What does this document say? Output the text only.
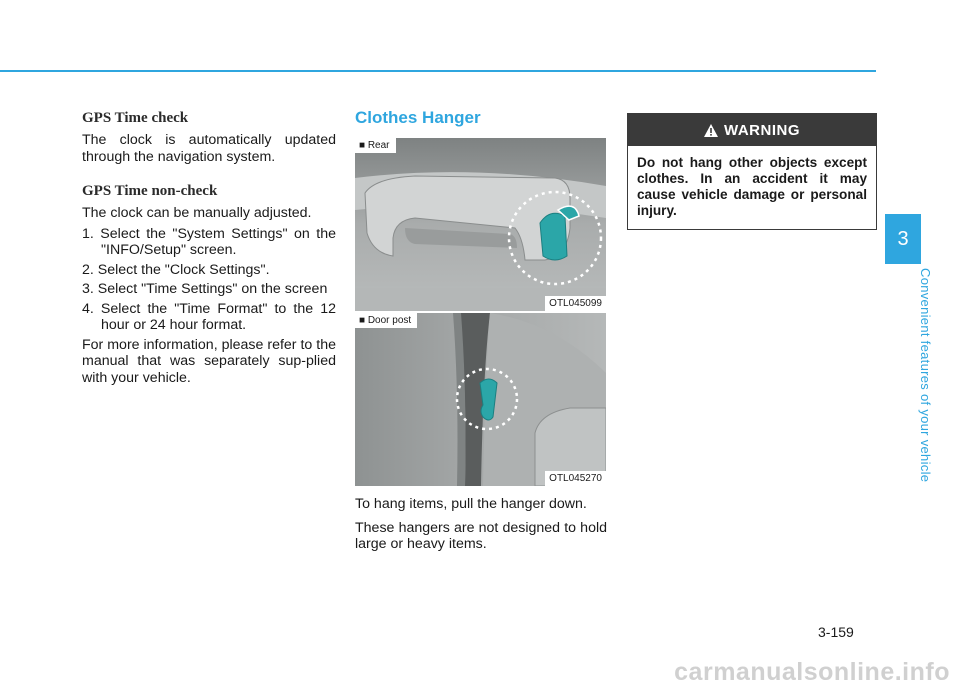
GPS Time check

The clock is automatically updated through the navigation system.

GPS Time non-check

The clock can be manually adjusted.

1. Select the "System Settings" on the "INFO/Setup" screen.
2. Select the "Clock Settings".
3. Select "Time Settings" on the screen
4. Select the "Time Format" to the 12 hour or 24 hour format.

For more information, please refer to the manual that was separately sup-plied with your vehicle.

Clothes Hanger
■ Rear
OTL045099
■ Door post
OTL045270

To hang items, pull the hanger down.

These hangers are not designed to hold large or heavy items.

WARNING

Do not hang other objects except clothes. In an accident it may cause vehicle damage or personal injury.

3
Convenient features of your vehicle
3-159
carmanualsonline.info
